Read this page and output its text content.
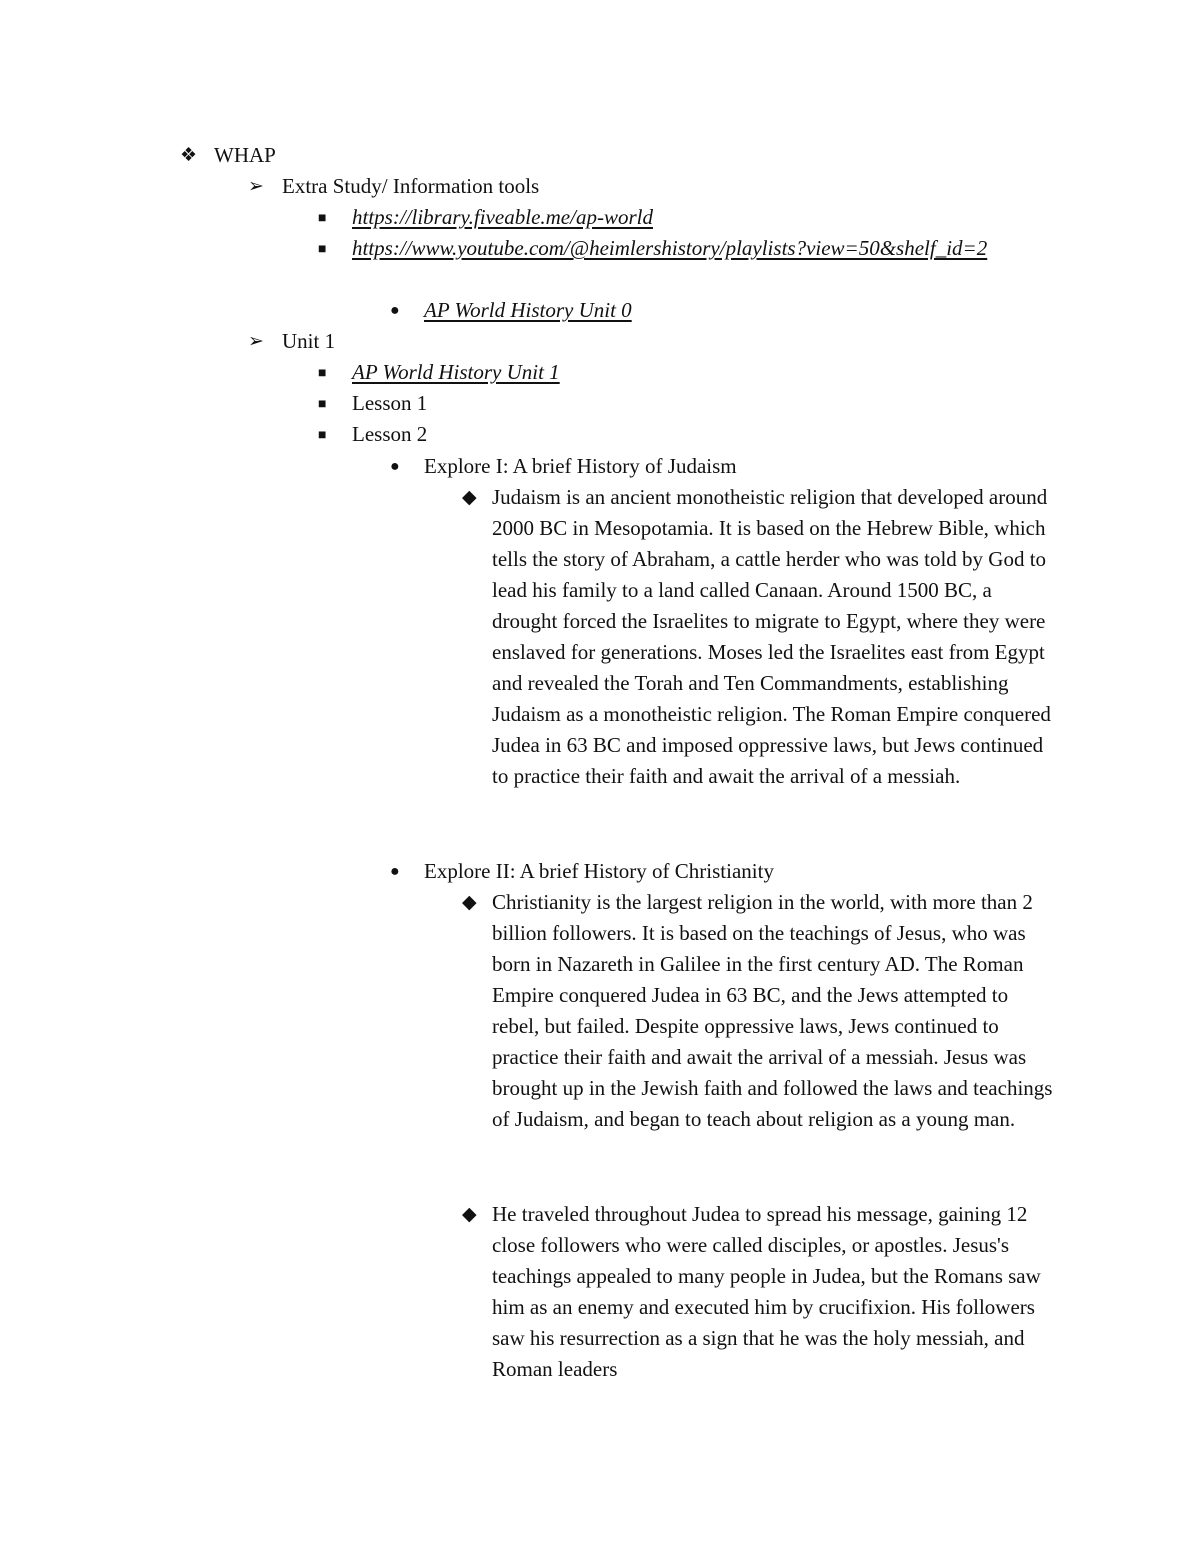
❖ WHAP
➢ Extra Study/ Information tools
■	https://library.fiveable.me/ap-world
■	https://www.youtube.com/@heimlershistory/playlists?view=50&shelf_id=2
●	AP World History Unit 0
➢ Unit 1
■	AP World History Unit 1
■	Lesson 1
■	Lesson 2
●	Explore I: A brief History of Judaism
◆ Judaism is an ancient monotheistic religion that developed around 2000 BC in Mesopotamia. It is based on the Hebrew Bible, which tells the story of Abraham, a cattle herder who was told by God to lead his family to a land called Canaan. Around 1500 BC, a drought forced the Israelites to migrate to Egypt, where they were enslaved for generations. Moses led the Israelites east from Egypt and revealed the Torah and Ten Commandments, establishing Judaism as a monotheistic religion. The Roman Empire conquered Judea in 63 BC and imposed oppressive laws, but Jews continued to practice their faith and await the arrival of a messiah.
●	Explore II: A brief History of Christianity
◆ Christianity is the largest religion in the world, with more than 2 billion followers. It is based on the teachings of Jesus, who was born in Nazareth in Galilee in the first century AD. The Roman Empire conquered Judea in 63 BC, and the Jews attempted to rebel, but failed. Despite oppressive laws, Jews continued to practice their faith and await the arrival of a messiah. Jesus was brought up in the Jewish faith and followed the laws and teachings of Judaism, and began to teach about religion as a young man.
◆ He traveled throughout Judea to spread his message, gaining 12 close followers who were called disciples, or apostles. Jesus's teachings appealed to many people in Judea, but the Romans saw him as an enemy and executed him by crucifixion. His followers saw his resurrection as a sign that he was the holy messiah, and Roman leaders
